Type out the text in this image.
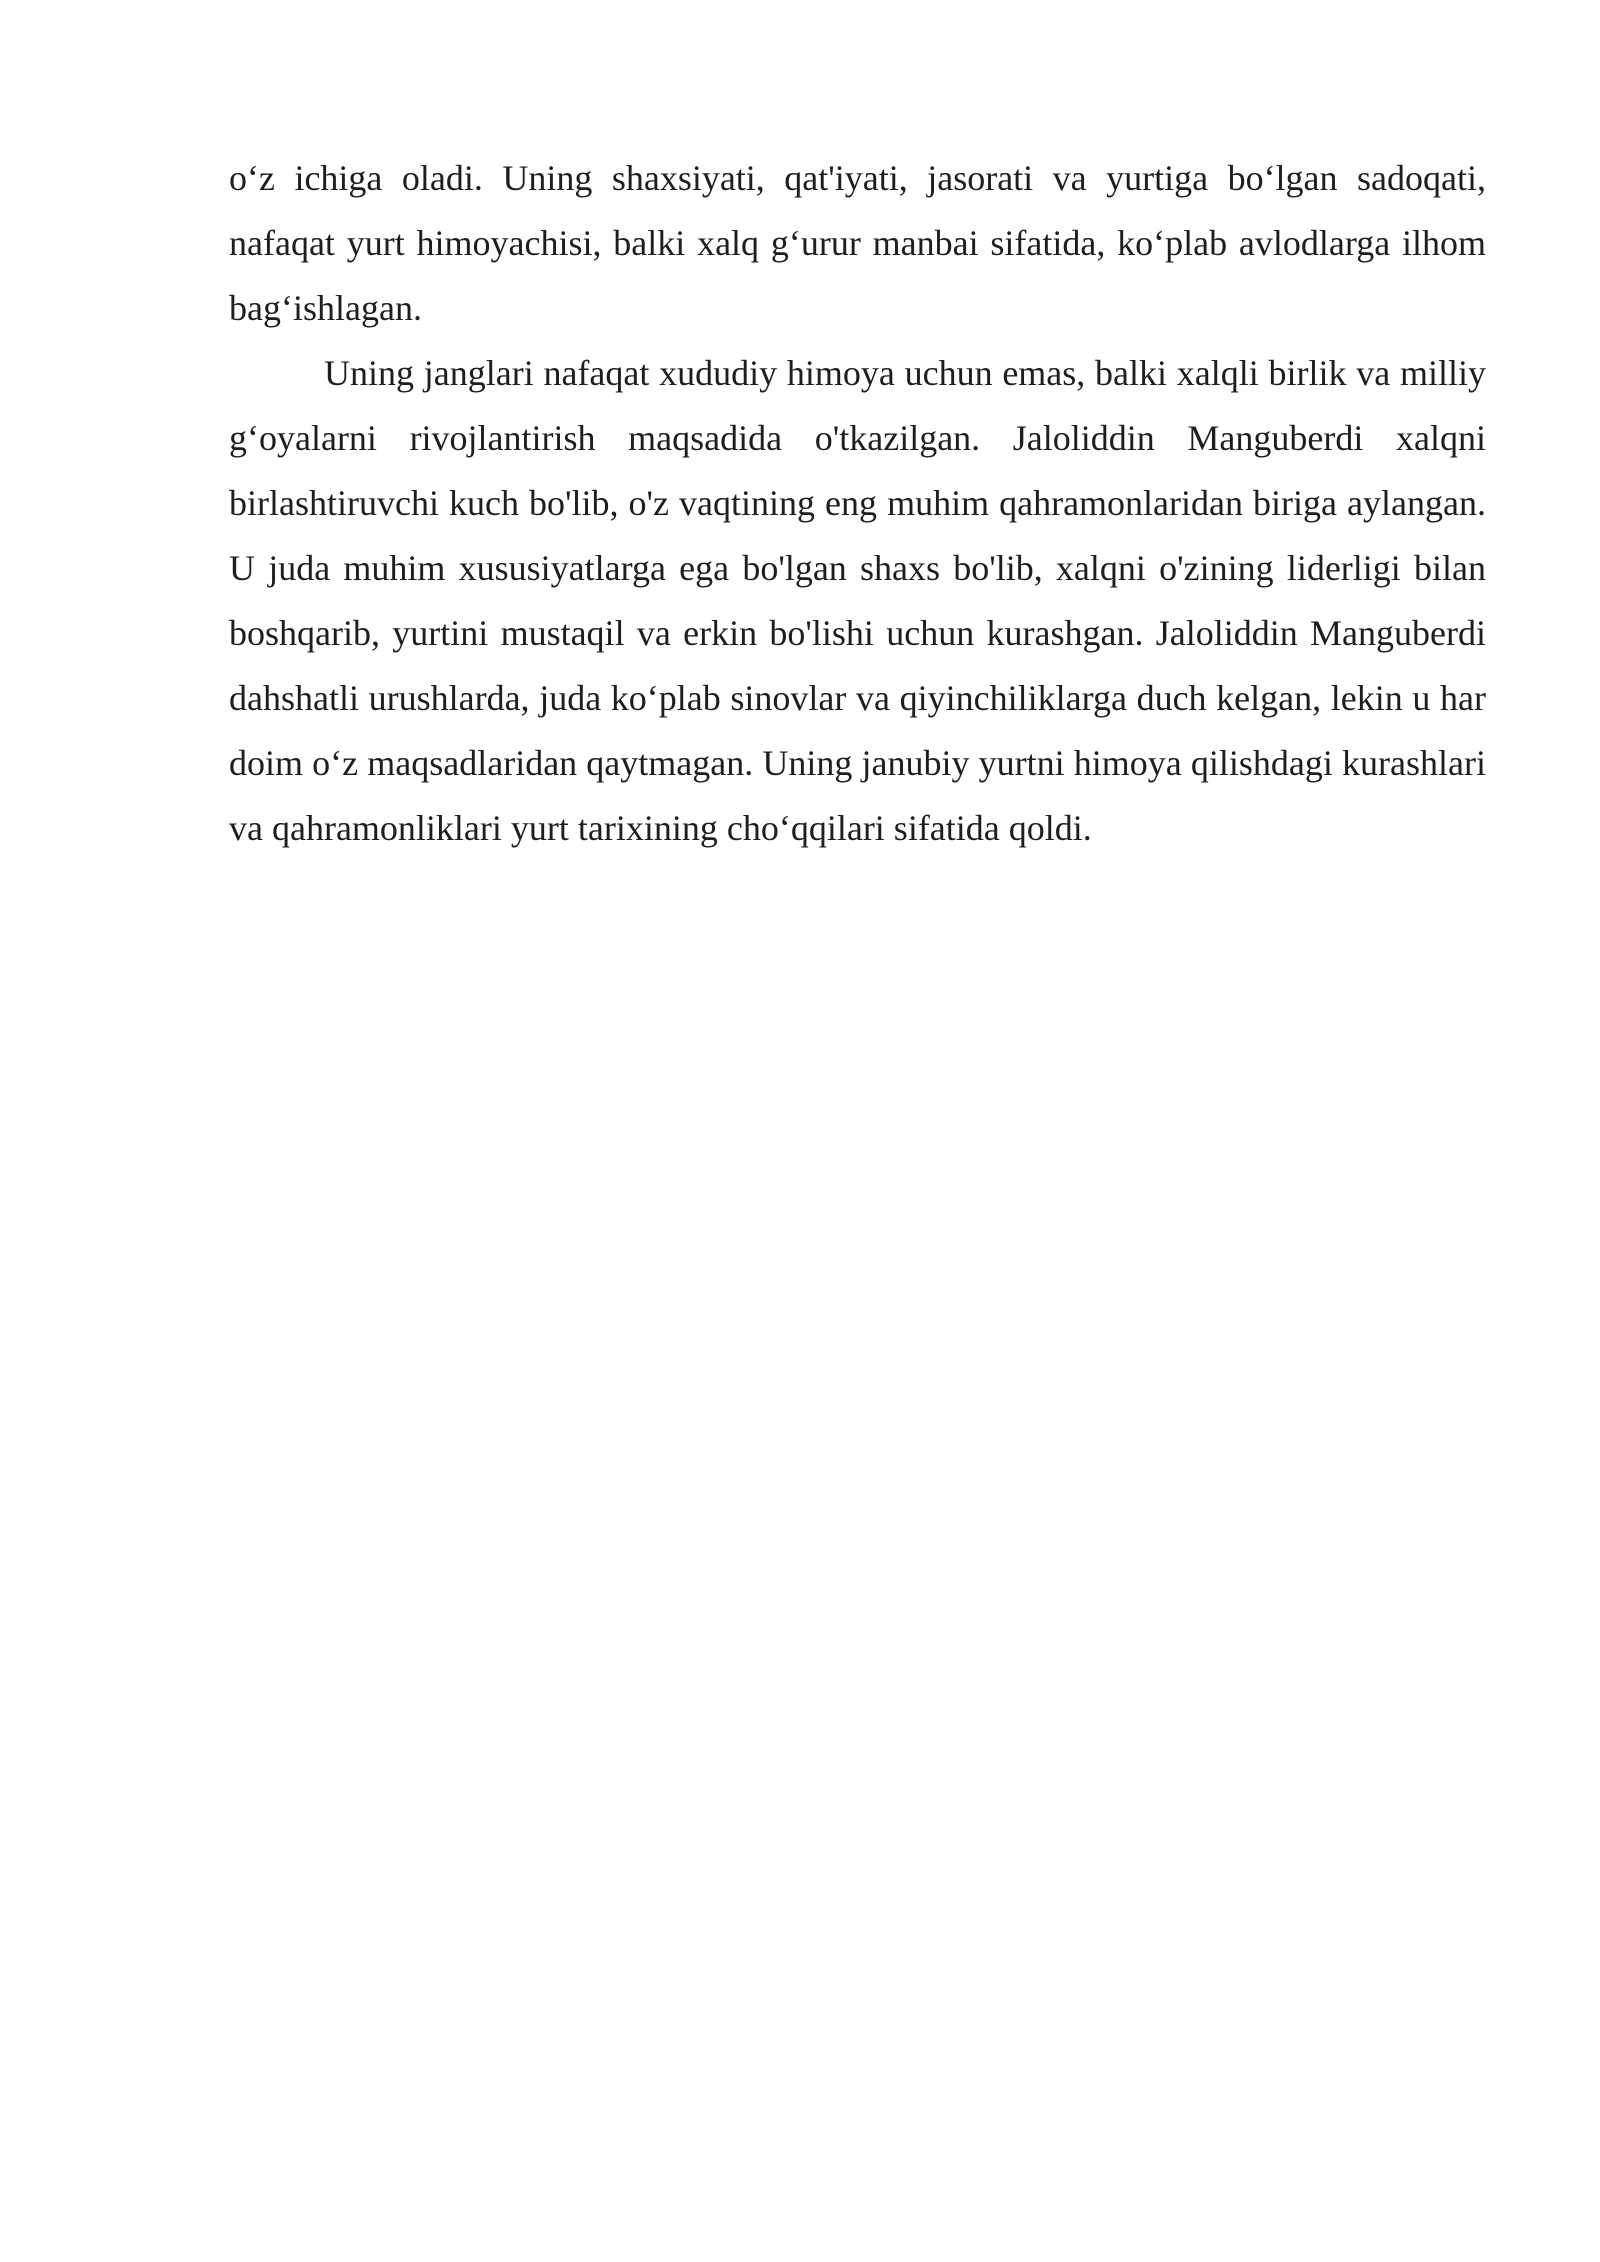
o‘z ichiga oladi. Uning shaxsiyati, qat'iyati, jasorati va yurtiga bo‘lgan sadoqati, nafaqat yurt himoyachisi, balki xalq g‘urur manbai sifatida, ko‘plab avlodlarga ilhom bag‘ishlagan.

Uning janglari nafaqat xududiy himoya uchun emas, balki xalqli birlik va milliy g‘oyalarni rivojlantirish maqsadida o'tkazilgan. Jaloliddin Manguberdi xalqni birlashtiruvchi kuch bo'lib, o'z vaqtining eng muhim qahramonlaridan biriga aylangan. U juda muhim xususiyatlarga ega bo'lgan shaxs bo'lib, xalqni o'zining liderligi bilan boshqarib, yurtini mustaqil va erkin bo'lishi uchun kurashgan. Jaloliddin Manguberdi dahshatli urushlarda, juda ko‘plab sinovlar va qiyinchiliklarga duch kelgan, lekin u har doim o‘z maqsadlaridan qaytmagan. Uning janubiy yurtni himoya qilishdagi kurashlari va qahramonliklari yurt tarixining cho‘qqilari sifatida qoldi.
